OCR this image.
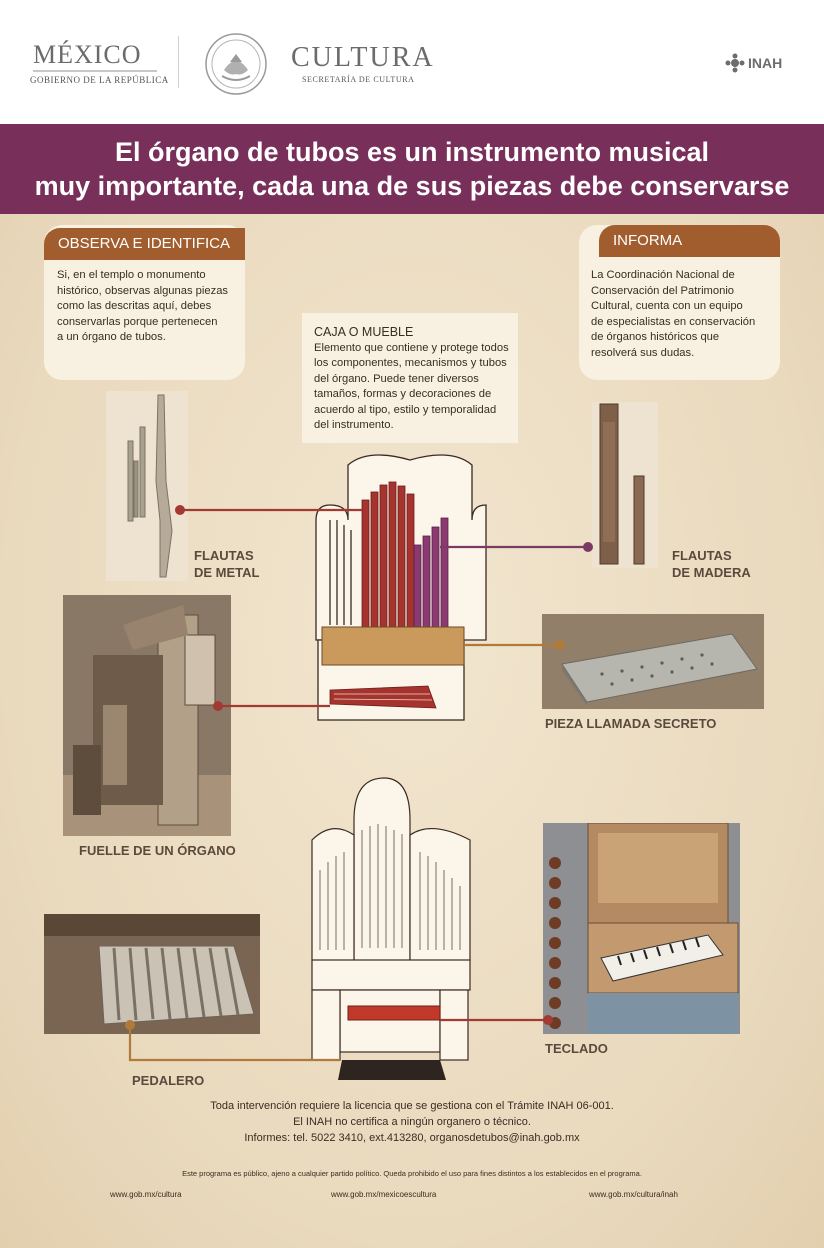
MÉXICO
GOBIERNO DE LA REPÚBLICA
CULTURA
SECRETARÍA DE CULTURA
INAH
El órgano de tubos es un instrumento musical
muy importante, cada una de sus piezas debe conservarse
OBSERVA E IDENTIFICA
Si, en el templo o monumento
histórico, observas algunas piezas
como las descritas aquí, debes
conservarlas porque pertenecen
a un órgano de tubos.
INFORMA
La Coordinación Nacional de
Conservación del Patrimonio
Cultural, cuenta con un equipo
de especialistas en conservación
de órganos históricos que
resolverá sus dudas.
CAJA O MUEBLE
Elemento que contiene y protege todos
los componentes, mecanismos y tubos
del órgano. Puede tener diversos
tamaños, formas y decoraciones de
acuerdo al tipo, estilo y temporalidad
del instrumento.
FLAUTAS
DE METAL
FLAUTAS
DE MADERA
FUELLE DE UN ÓRGANO
PIEZA LLAMADA SECRETO
PEDALERO
TECLADO
Toda intervención requiere la licencia que se gestiona con el Trámite INAH 06-001.
El INAH no certifica a ningún organero o técnico.
Informes: tel. 5022 3410, ext.413280, organosdetubos@inah.gob.mx
Este programa es público, ajeno a cualquier partido político. Queda prohibido el uso para fines distintos a los establecidos en el programa.
www.gob.mx/cultura	www.gob.mx/mexicoescultura	www.gob.mx/cultura/inah
